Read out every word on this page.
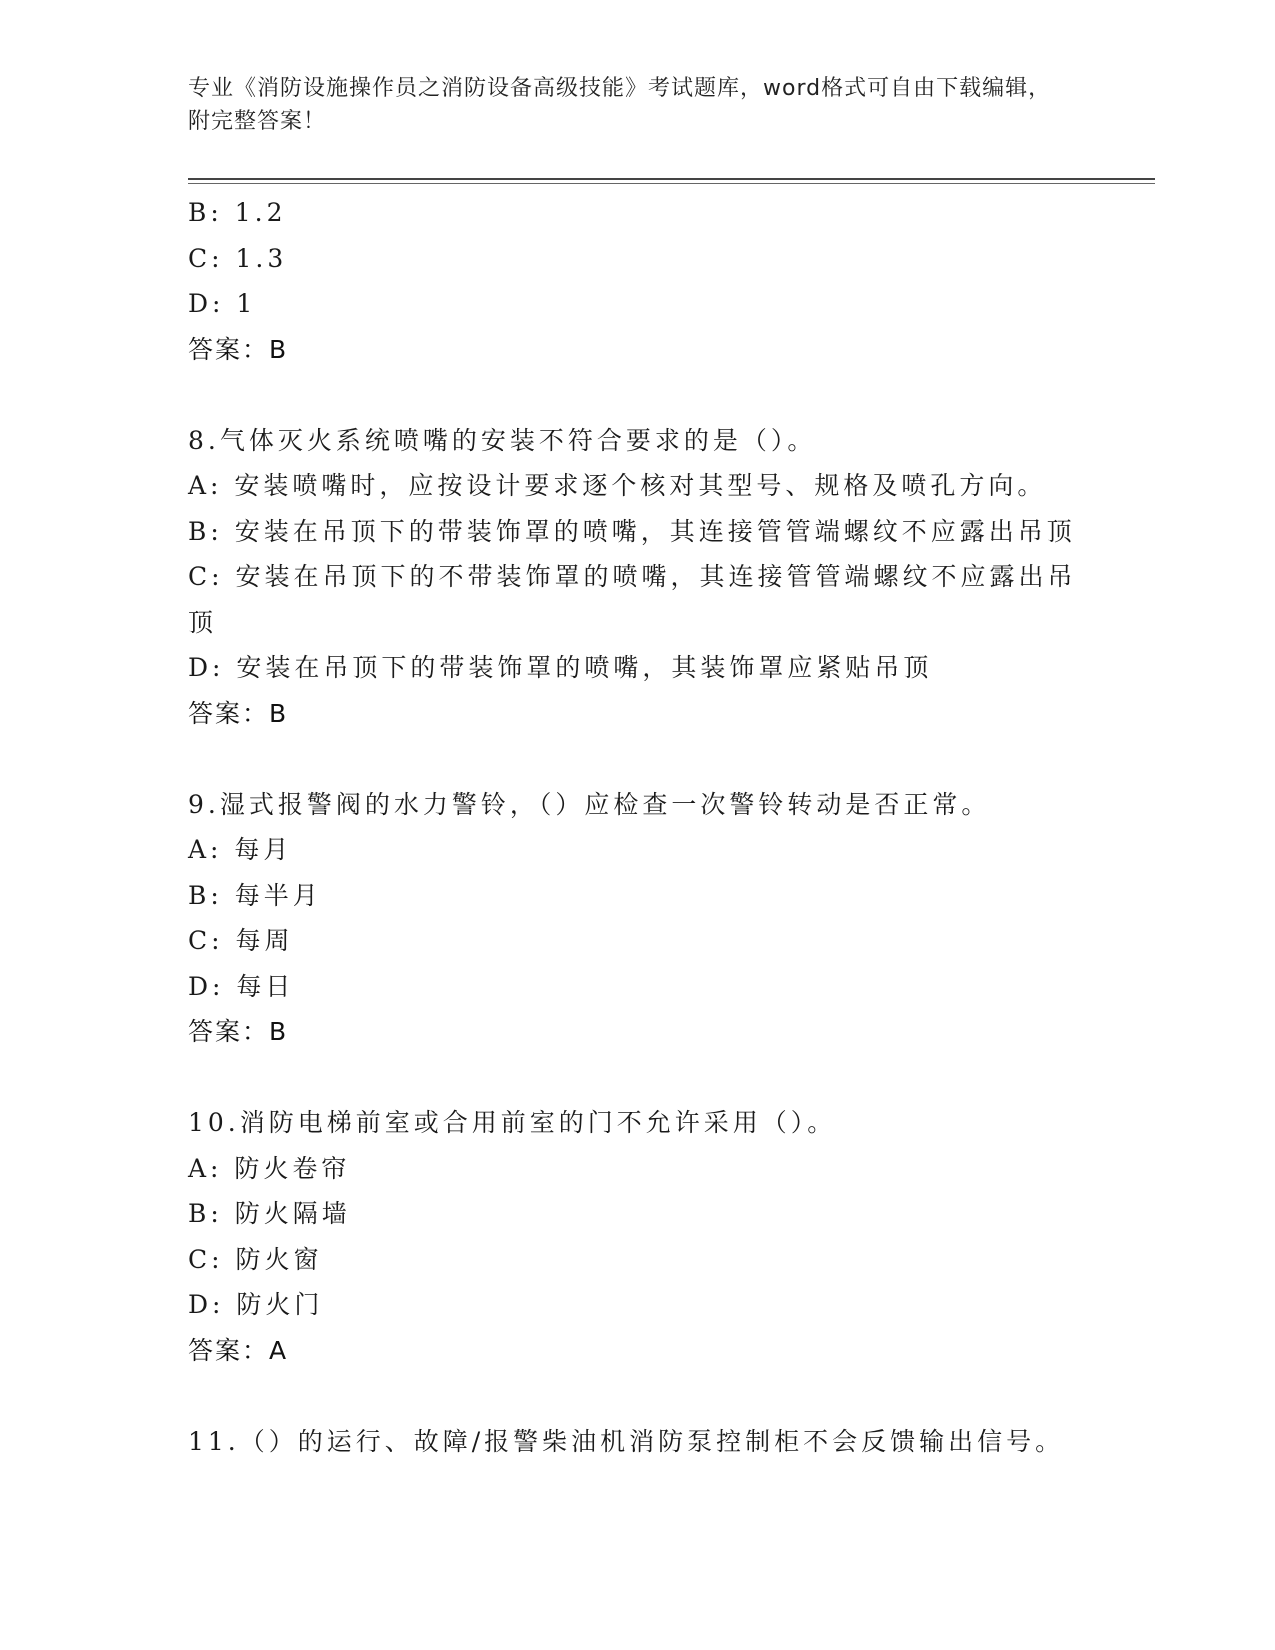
专业《消防设施操作员之消防设备高级技能》考试题库，word格式可自由下载编辑，附完整答案！
B: 1.2
C: 1.3
D: 1
答案：B
8.气体灭火系统喷嘴的安装不符合要求的是（）。
A: 安装喷嘴时，应按设计要求逐个核对其型号、规格及喷孔方向。
B: 安装在吊顶下的带装饰罩的喷嘴，其连接管管端螺纹不应露出吊顶
C: 安装在吊顶下的不带装饰罩的喷嘴，其连接管管端螺纹不应露出吊顶
D: 安装在吊顶下的带装饰罩的喷嘴，其装饰罩应紧贴吊顶
答案：B
9.湿式报警阀的水力警铃，（）应检查一次警铃转动是否正常。
A: 每月
B: 每半月
C: 每周
D: 每日
答案：B
10.消防电梯前室或合用前室的门不允许采用（）。
A: 防火卷帘
B: 防火隔墙
C: 防火窗
D: 防火门
答案：A
11.（）的运行、故障/报警柴油机消防泵控制柜不会反馈输出信号。
